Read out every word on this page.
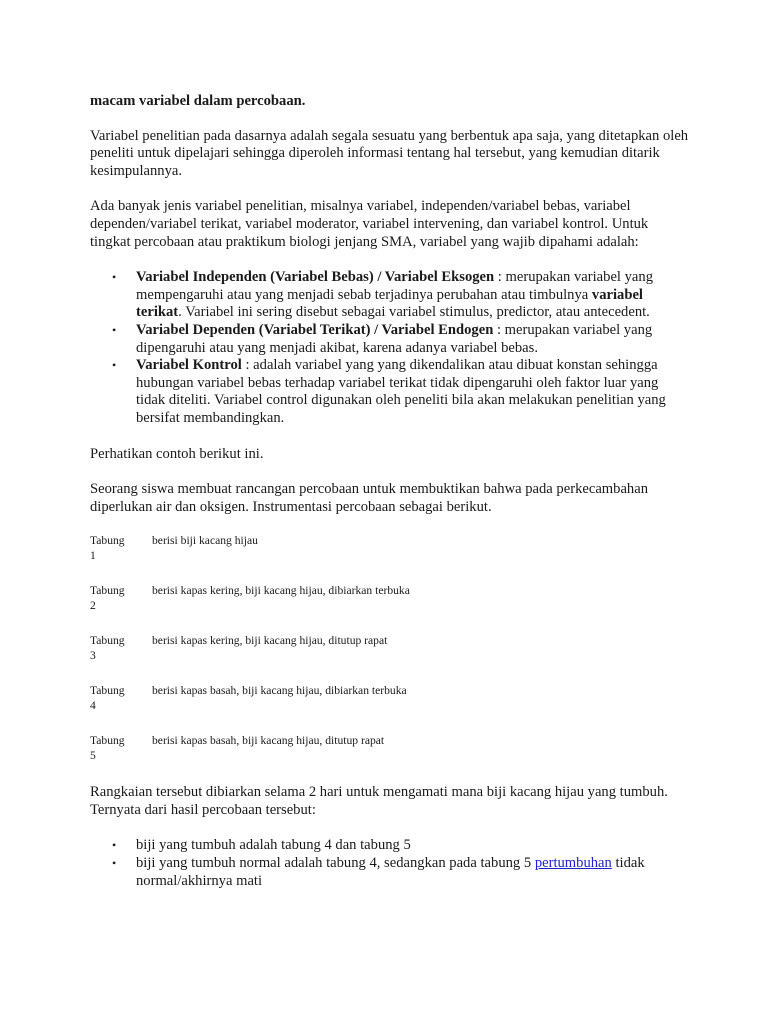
macam variabel dalam percobaan.

Variabel penelitian pada dasarnya adalah segala sesuatu yang berbentuk apa saja, yang ditetapkan oleh peneliti untuk dipelajari sehingga diperoleh informasi tentang hal tersebut, yang kemudian ditarik kesimpulannya.

Ada banyak jenis variabel penelitian, misalnya variabel, independen/variabel bebas, variabel dependen/variabel terikat, variabel moderator, variabel intervening, dan variabel kontrol. Untuk tingkat percobaan atau praktikum biologi jenjang SMA, variabel yang wajib dipahami adalah:

• Variabel Independen (Variabel Bebas) / Variabel Eksogen : merupakan variabel yang mempengaruhi atau yang menjadi sebab terjadinya perubahan atau timbulnya variabel terikat. Variabel ini sering disebut sebagai variabel stimulus, predictor, atau antecedent.
• Variabel Dependen (Variabel Terikat) / Variabel Endogen : merupakan variabel yang dipengaruhi atau yang menjadi akibat, karena adanya variabel bebas.
• Variabel Kontrol : adalah variabel yang yang dikendalikan atau dibuat konstan sehingga hubungan variabel bebas terhadap variabel terikat tidak dipengaruhi oleh faktor luar yang tidak diteliti. Variabel control digunakan oleh peneliti bila akan melakukan penelitian yang bersifat membandingkan.

Perhatikan contoh berikut ini.

Seorang siswa membuat rancangan percobaan untuk membuktikan bahwa pada perkecambahan diperlukan air dan oksigen. Instrumentasi percobaan sebagai berikut.

Tabung
1
berisi biji kacang hijau
Tabung
2
berisi kapas kering, biji kacang hijau, dibiarkan terbuka
Tabung
3
berisi kapas kering, biji kacang hijau, ditutup rapat
Tabung
4
berisi kapas basah, biji kacang hijau, dibiarkan terbuka
Tabung
5
berisi kapas basah, biji kacang hijau, ditutup rapat

Rangkaian tersebut dibiarkan selama 2 hari untuk mengamati mana biji kacang hijau yang tumbuh. Ternyata dari hasil percobaan tersebut:

• biji yang tumbuh adalah tabung 4 dan tabung 5
• biji yang tumbuh normal adalah tabung 4, sedangkan pada tabung 5 pertumbuhan tidak normal/akhirnya mati
